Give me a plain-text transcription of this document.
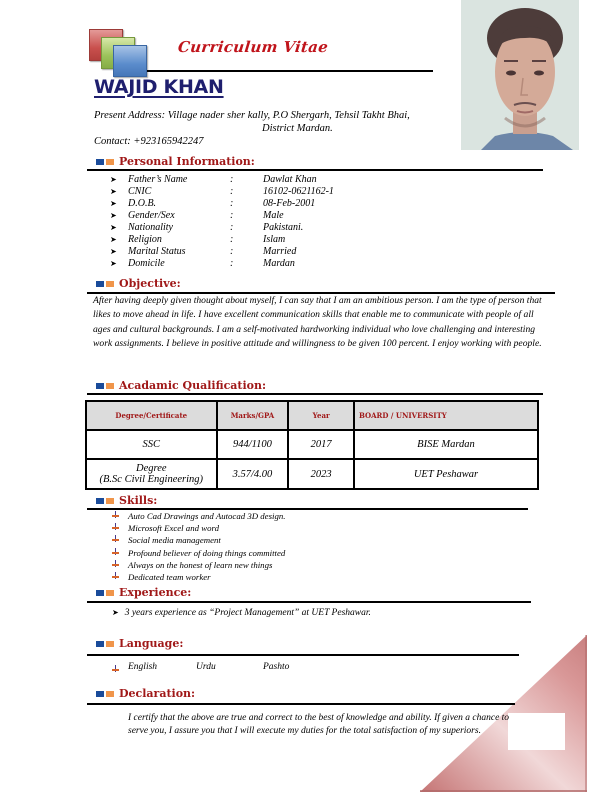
Curriculum Vitae
WAJID KHAN
Present Address: Village nader sher kally, P.O Shergarh, Tehsil Takht Bhai,
District Mardan.
Contact: +923165942247
Personal Information:
➤ Father’s Name	:	Dawlat Khan
➤ CNIC	:	16102-0621162-1
➤ D.O.B.	:	08-Feb-2001
➤ Gender/Sex	:	Male
➤ Nationality	:	Pakistani.
➤ Religion	:	Islam
➤ Marital Status	:	Married
➤ Domicile	:	Mardan
Objective:
After having deeply given thought about myself, I can say that I am an ambitious person. I am the type of person that likes to move ahead in life. I have excellent communication skills that enable me to communicate with people of all ages and cultural backgrounds. I am a self-motivated hardworking individual who love challenging and interesting work assignments. I believe in positive attitude and willingness to be given 100 percent. I enjoy working with people.
Acadamic Qualification:
Degree/Certificate	Marks/GPA	Year	BOARD / UNIVERSITY
SSC	944/1100	2017	BISE Mardan

Degree
(B.Sc Civil Engineering)	3.57/4.00	2023	UET Peshawar
Skills:
Auto Cad Drawings and Autocad 3D design.
Microsoft Excel and word
Social media management
Profound believer of doing things committed
Always on the honest of learn new things
Dedicated team worker
Experience:
➤ 3 years experience as “Project Management” at UET Peshawar.
Language:
English	Urdu	Pashto
Declaration:
I certify that the above are true and correct to the best of knowledge and ability. If given a chance to serve you, I assure you that I will execute my duties for the total satisfaction of my superiors.
